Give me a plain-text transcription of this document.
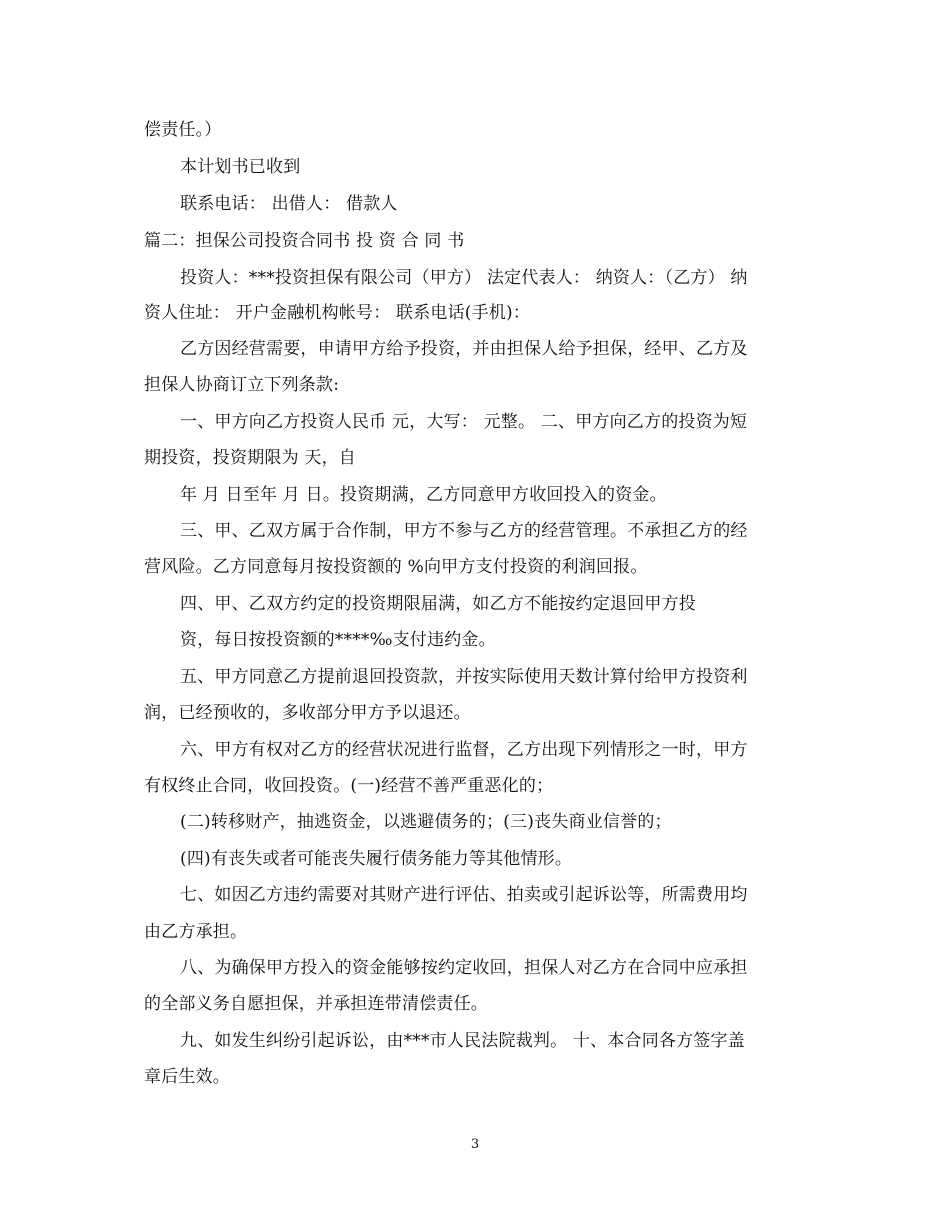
偿责任。）
本计划书已收到
联系电话： 出借人： 借款人
篇二：担保公司投资合同书 投 资 合 同 书
投资人：***投资担保有限公司（甲方） 法定代表人： 纳资人：（乙方） 纳
资人住址： 开户金融机构帐号： 联系电话(手机)：
乙方因经营需要，申请甲方给予投资，并由担保人给予担保，经甲、乙方及
担保人协商订立下列条款:
一、甲方向乙方投资人民币 元，大写： 元整。 二、甲方向乙方的投资为短
期投资，投资期限为 天，自
年 月 日至年 月 日。投资期满，乙方同意甲方收回投入的资金。
三、甲、乙双方属于合作制，甲方不参与乙方的经营管理。不承担乙方的经
营风险。乙方同意每月按投资额的 %向甲方支付投资的利润回报。
四、甲、乙双方约定的投资期限届满，如乙方不能按约定退回甲方投
资，每日按投资额的****‰支付违约金。
五、甲方同意乙方提前退回投资款，并按实际使用天数计算付给甲方投资利
润，已经预收的，多收部分甲方予以退还。
六、甲方有权对乙方的经营状况进行监督，乙方出现下列情形之一时，甲方
有权终止合同，收回投资。(一)经营不善严重恶化的；
(二)转移财产，抽逃资金，以逃避债务的；(三)丧失商业信誉的；
(四)有丧失或者可能丧失履行债务能力等其他情形。
七、如因乙方违约需要对其财产进行评估、拍卖或引起诉讼等，所需费用均
由乙方承担。
八、为确保甲方投入的资金能够按约定收回，担保人对乙方在合同中应承担
的全部义务自愿担保，并承担连带清偿责任。
九、如发生纠纷引起诉讼，由***市人民法院裁判。 十、本合同各方签字盖
章后生效。
3
